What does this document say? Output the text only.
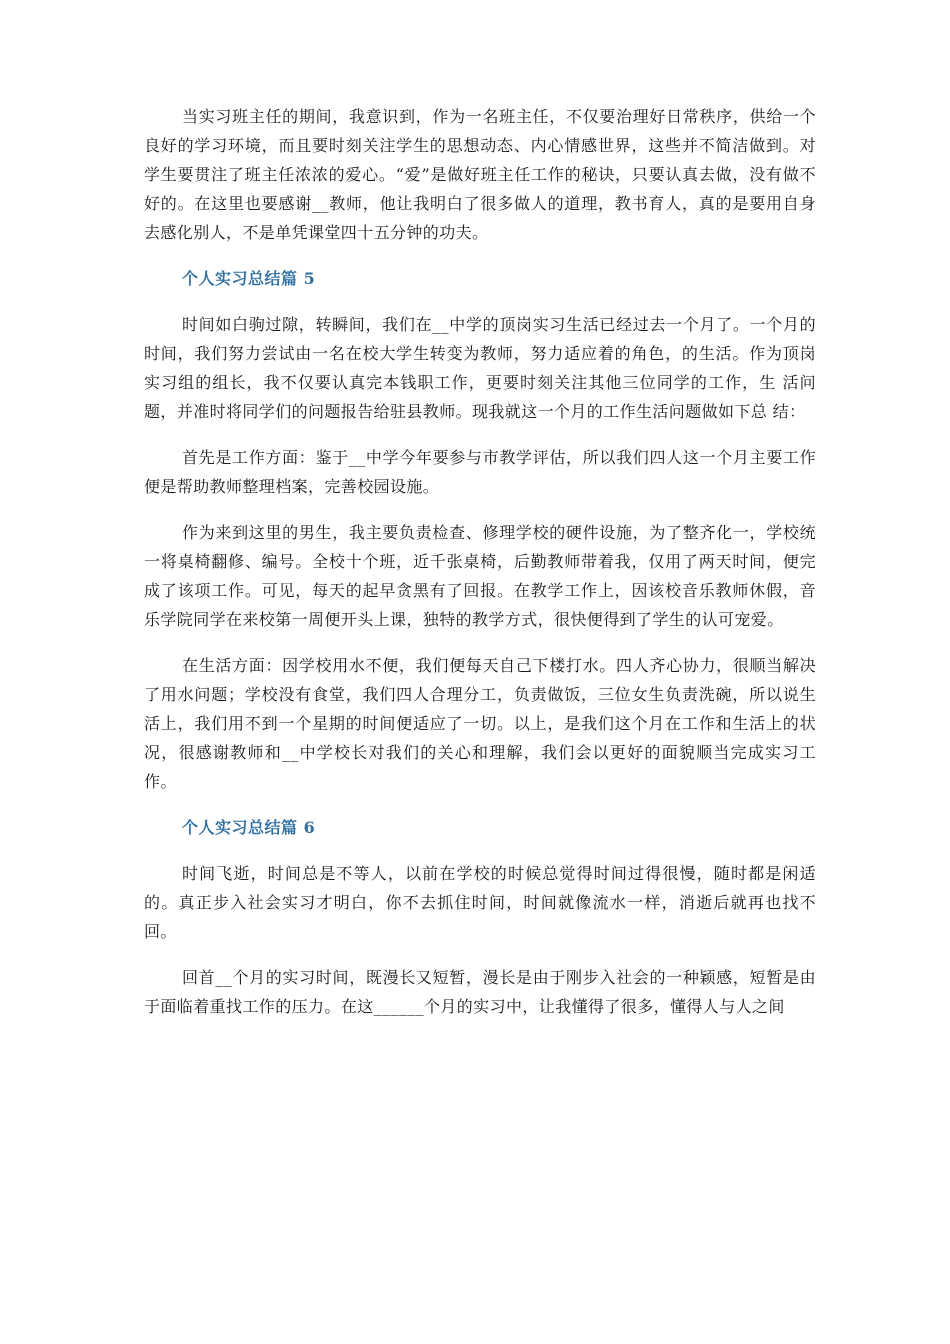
当实习班主任的期间，我意识到，作为一名班主任，不仅要治理好日常秩序，供给一个良好的学习环境，而且要时刻关注学生的思想动态、内心情感世界，这些并不简洁做到。对学生要贯注了班主任浓浓的爱心。“爱”是做好班主任工作的秘诀，只要认真去做，没有做不好的。在这里也要感谢__教师，他让我明白了很多做人的道理，教书育人，真的是要用自身去感化别人，不是单凭课堂四十五分钟的功夫。

个人实习总结篇 5

时间如白驹过隙，转瞬间，我们在__中学的顶岗实习生活已经过去一个月了。一个月的时间，我们努力尝试由一名在校大学生转变为教师，努力适应着的角色，的生活。作为顶岗实习组的组长，我不仅要认真完本钱职工作，更要时刻关注其他三位同学的工作，生 活问题，并准时将同学们的问题报告给驻县教师。现我就这一个月的工作生活问题做如下总 结：

首先是工作方面：鉴于__中学今年要参与市教学评估，所以我们四人这一个月主要工作便是帮助教师整理档案，完善校园设施。

作为来到这里的男生，我主要负责检查、修理学校的硬件设施，为了整齐化一，学校统一将桌椅翻修、编号。全校十个班，近千张桌椅，后勤教师带着我，仅用了两天时间，便完成了该项工作。可见，每天的起早贪黑有了回报。在教学工作上，因该校音乐教师休假，音乐学院同学在来校第一周便开头上课，独特的教学方式，很快便得到了学生的认可宠爱。

在生活方面：因学校用水不便，我们便每天自己下楼打水。四人齐心协力，很顺当解决了用水问题；学校没有食堂，我们四人合理分工，负责做饭，三位女生负责洗碗，所以说生活上，我们用不到一个星期的时间便适应了一切。以上，是我们这个月在工作和生活上的状况，很感谢教师和__中学校长对我们的关心和理解，我们会以更好的面貌顺当完成实习工作。

个人实习总结篇 6

时间飞逝，时间总是不等人，以前在学校的时候总觉得时间过得很慢，随时都是闲适的。真正步入社会实习才明白，你不去抓住时间，时间就像流水一样，消逝后就再也找不回。

回首__个月的实习时间，既漫长又短暂，漫长是由于刚步入社会的一种颖感，短暂是由于面临着重找工作的压力。在这______个月的实习中，让我懂得了很多，懂得人与人之间
